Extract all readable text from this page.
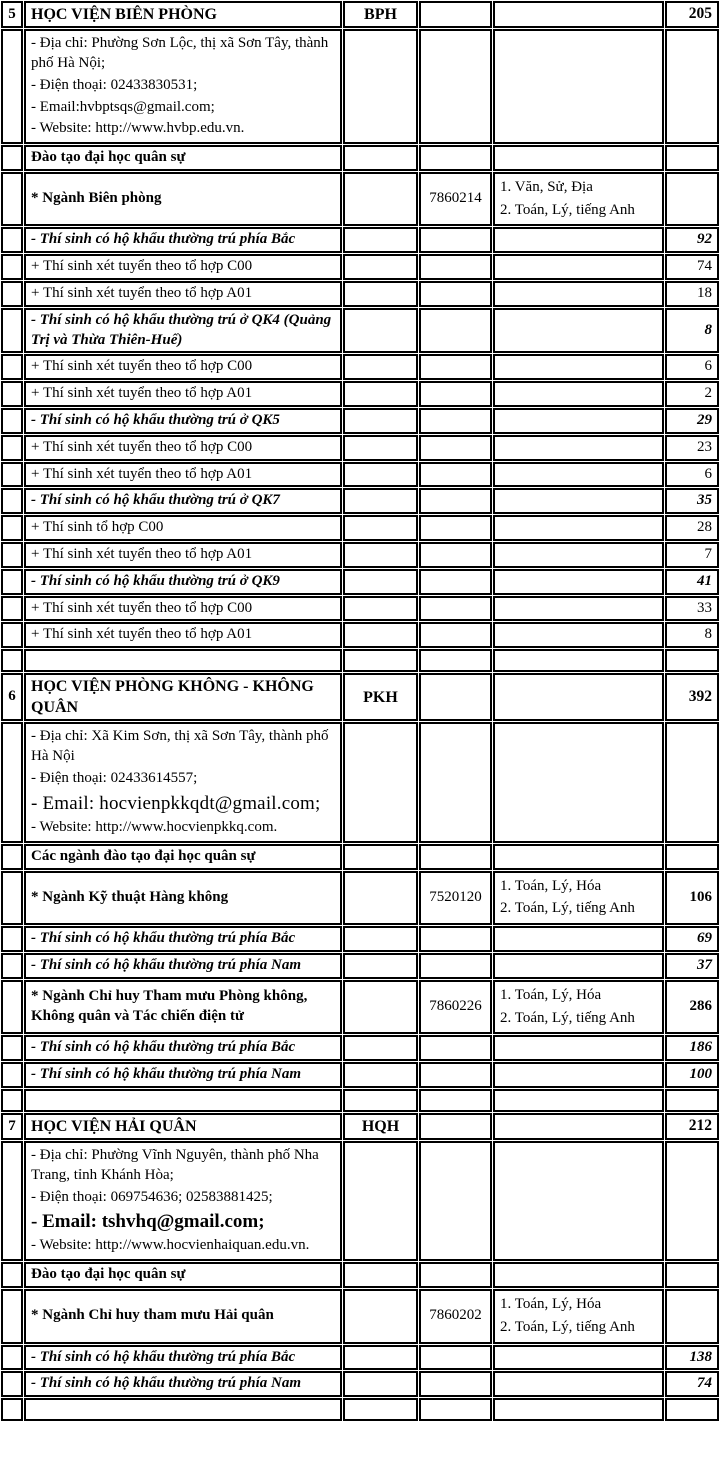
5	HỌC VIỆN BIÊN PHÒNG	BPH			205

	- Địa chỉ: Phường Sơn Lộc, thị xã Sơn Tây, thành phố Hà Nội;
- Điện thoại: 02433830531;
- Email:hvbptsqs@gmail.com;
- Website: http://www.hvbp.edu.vn.				

	Đào tạo đại học quân sự				
	* Ngành Biên phòng		7860214	1. Văn, Sử, Địa
2. Toán, Lý, tiếng Anh	

	- Thí sinh có hộ khẩu thường trú phía Bắc				92
	+ Thí sinh xét tuyển theo tổ hợp C00				74
	+ Thí sinh xét tuyển theo tổ hợp A01				18
	- Thí sinh có hộ khẩu thường trú ở QK4 (Quảng Trị và Thừa Thiên-Huế)				8
	+ Thí sinh xét tuyển theo tổ hợp C00				6
	+ Thí sinh xét tuyển theo tổ hợp A01				2
	- Thí sinh có hộ khẩu thường trú ở QK5				29
	+ Thí sinh xét tuyển theo tổ hợp C00				23
	+ Thí sinh xét tuyển theo tổ hợp A01				6
	- Thí sinh có hộ khẩu thường trú ở QK7				35
	+ Thí sinh tổ hợp C00				28
	+ Thí sinh xét tuyển theo tổ hợp A01				7
	- Thí sinh có hộ khẩu thường trú ở QK9				41
	+ Thí sinh xét tuyển theo tổ hợp C00				33
	+ Thí sinh xét tuyển theo tổ hợp A01				8

6	HỌC VIỆN PHÒNG KHÔNG - KHÔNG QUÂN	PKH			392

	- Địa chỉ: Xã Kim Sơn, thị xã Sơn Tây, thành phố Hà Nội
- Điện thoại: 02433614557;
- Email: hocvienpkkqdt@gmail.com;
- Website: http://www.hocvienpkkq.com.				

	Các ngành đào tạo đại học quân sự				
	* Ngành Kỹ thuật Hàng không		7520120	1. Toán, Lý, Hóa
2. Toán, Lý, tiếng Anh	106
	- Thí sinh có hộ khẩu thường trú phía Bắc				69
	- Thí sinh có hộ khẩu thường trú phía Nam				37
	* Ngành Chỉ huy Tham mưu Phòng không, Không quân và Tác chiến điện tử		7860226	1. Toán, Lý, Hóa
2. Toán, Lý, tiếng Anh	286
	- Thí sinh có hộ khẩu thường trú phía Bắc				186
	- Thí sinh có hộ khẩu thường trú phía Nam				100

7	HỌC VIỆN HẢI QUÂN	HQH			212

	- Địa chỉ: Phường Vĩnh Nguyên, thành phố Nha Trang, tỉnh Khánh Hòa;
- Điện thoại: 069754636; 02583881425;
- Email: tshvhq@gmail.com;
- Website: http://www.hocvienhaiquan.edu.vn.				

	Đào tạo đại học quân sự				
	* Ngành Chỉ huy tham mưu Hải quân		7860202	1. Toán, Lý, Hóa
2. Toán, Lý, tiếng Anh	

	- Thí sinh có hộ khẩu thường trú phía Bắc				138
	- Thí sinh có hộ khẩu thường trú phía Nam				74
